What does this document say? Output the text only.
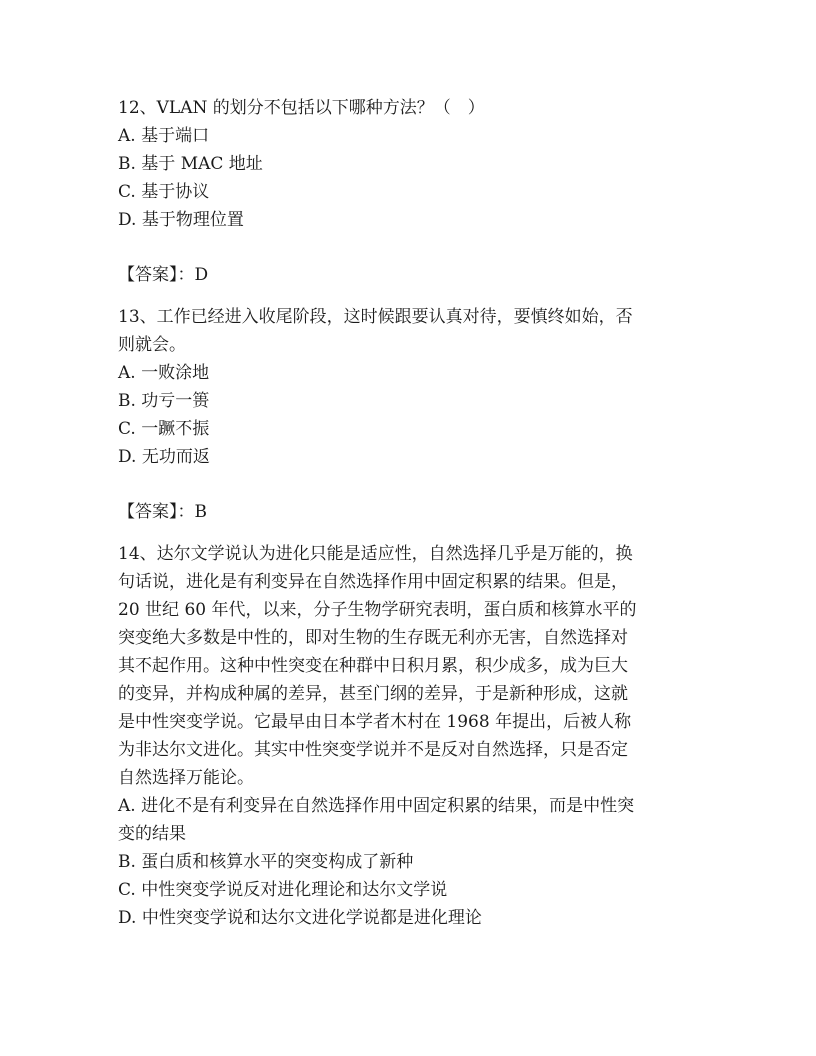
12、VLAN 的划分不包括以下哪种方法？（　）
A. 基于端口
B. 基于 MAC 地址
C. 基于协议
D. 基于物理位置
【答案】：D
13、工作已经进入收尾阶段，这时候跟要认真对待，要慎终如始，否
则就会。
A. 一败涂地
B. 功亏一篑
C. 一蹶不振
D. 无功而返
【答案】：B
14、达尔文学说认为进化只能是适应性，自然选择几乎是万能的，换
句话说，进化是有利变异在自然选择作用中固定积累的结果。但是，
20 世纪 60 年代，以来，分子生物学研究表明，蛋白质和核算水平的
突变绝大多数是中性的，即对生物的生存既无利亦无害，自然选择对
其不起作用。这种中性突变在种群中日积月累，积少成多，成为巨大
的变异，并构成种属的差异，甚至门纲的差异，于是新种形成，这就
是中性突变学说。它最早由日本学者木村在 1968 年提出，后被人称
为非达尔文进化。其实中性突变学说并不是反对自然选择，只是否定
自然选择万能论。
A. 进化不是有利变异在自然选择作用中固定积累的结果，而是中性突
变的结果
B. 蛋白质和核算水平的突变构成了新种
C. 中性突变学说反对进化理论和达尔文学说
D. 中性突变学说和达尔文进化学说都是进化理论
